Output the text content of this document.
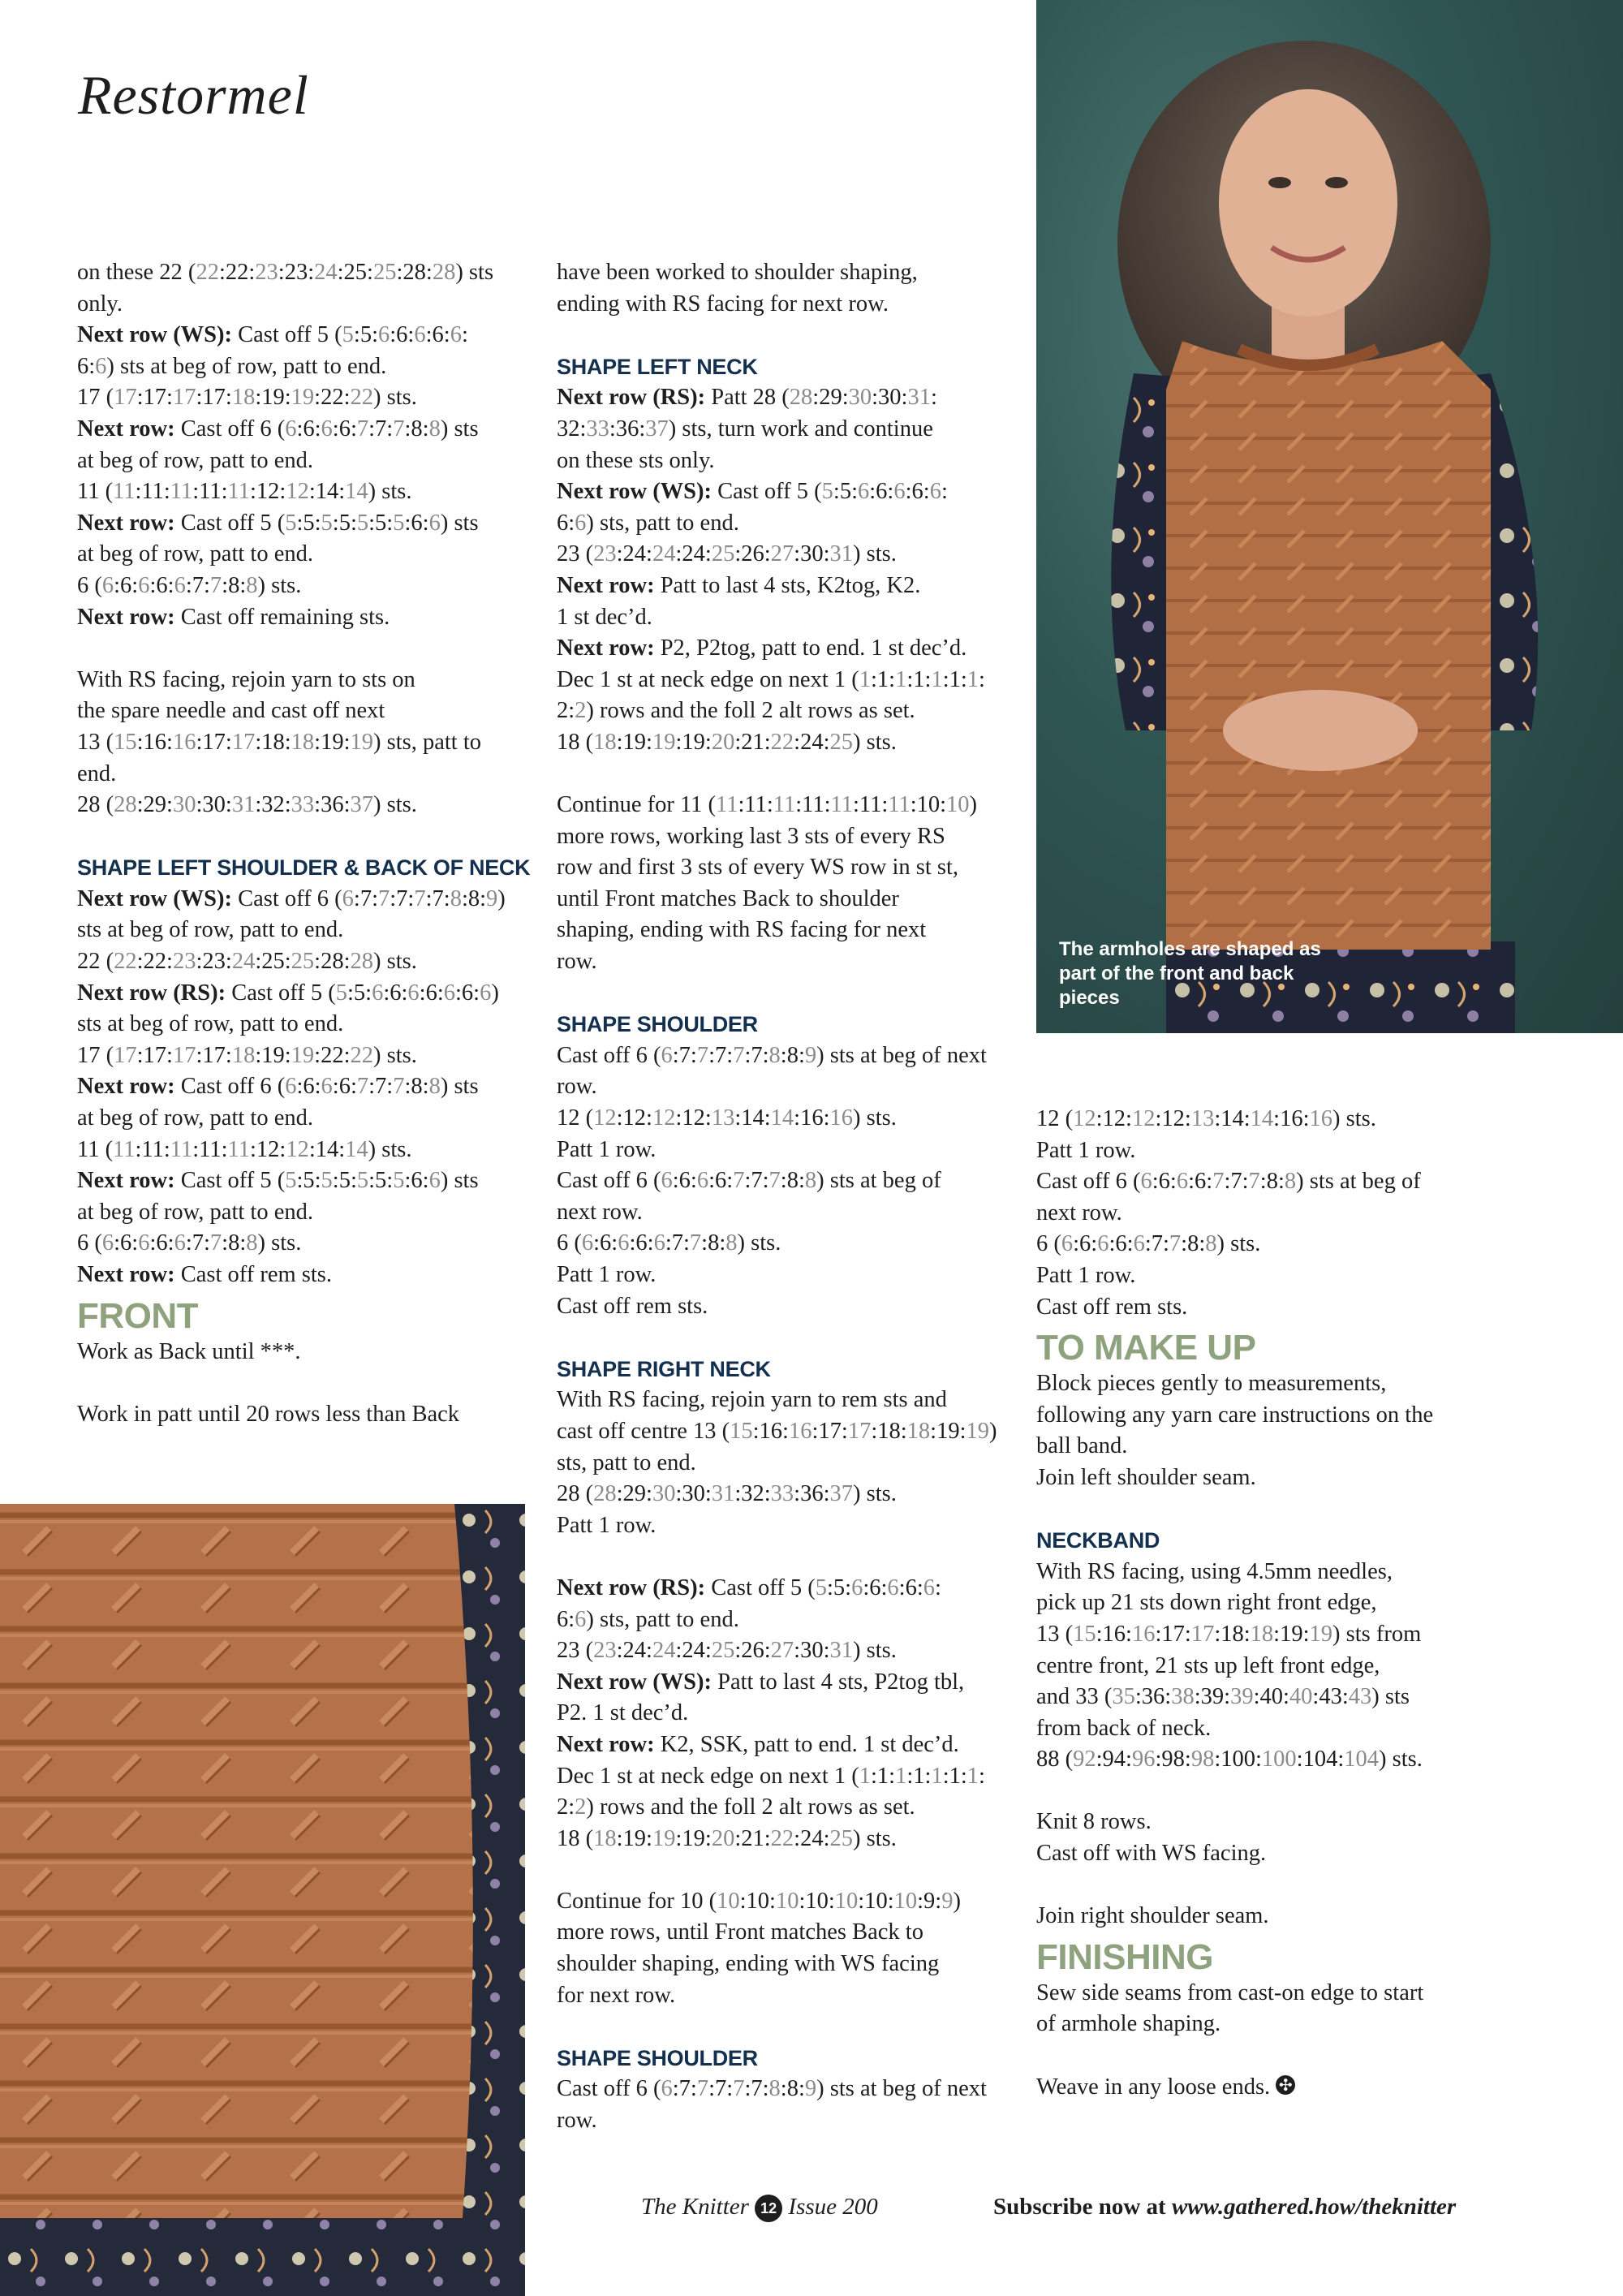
Restormel
The armholes are shaped as part of the front and back pieces
on these 22 (22:22:23:23:24:25:25:28:28) sts
only.
Next row (WS): Cast off 5 (5:5:6:6:6:6:6:
6:6) sts at beg of row, patt to end.
17 (17:17:17:17:18:19:19:22:22) sts.
Next row: Cast off 6 (6:6:6:6:7:7:7:8:8) sts
at beg of row, patt to end.
11 (11:11:11:11:11:12:12:14:14) sts.
Next row: Cast off 5 (5:5:5:5:5:5:5:6:6) sts
at beg of row, patt to end.
6 (6:6:6:6:6:7:7:8:8) sts.
Next row: Cast off remaining sts.
With RS facing, rejoin yarn to sts on
the spare needle and cast off next
13 (15:16:16:17:17:18:18:19:19) sts, patt to
end.
28 (28:29:30:30:31:32:33:36:37) sts.
SHAPE LEFT SHOULDER & BACK OF NECK
Next row (WS): Cast off 6 (6:7:7:7:7:7:8:8:9)
sts at beg of row, patt to end.
22 (22:22:23:23:24:25:25:28:28) sts.
Next row (RS): Cast off 5 (5:5:6:6:6:6:6:6:6)
sts at beg of row, patt to end.
17 (17:17:17:17:18:19:19:22:22) sts.
Next row: Cast off 6 (6:6:6:6:7:7:7:8:8) sts
at beg of row, patt to end.
11 (11:11:11:11:11:12:12:14:14) sts.
Next row: Cast off 5 (5:5:5:5:5:5:5:6:6) sts
at beg of row, patt to end.
6 (6:6:6:6:6:7:7:8:8) sts.
Next row: Cast off rem sts.
FRONT
Work as Back until ***.
Work in patt until 20 rows less than Back
have been worked to shoulder shaping,
ending with RS facing for next row.
SHAPE LEFT NECK
Next row (RS): Patt 28 (28:29:30:30:31:
32:33:36:37) sts, turn work and continue
on these sts only.
Next row (WS): Cast off 5 (5:5:6:6:6:6:6:
6:6) sts, patt to end.
23 (23:24:24:24:25:26:27:30:31) sts.
Next row: Patt to last 4 sts, K2tog, K2.
1 st dec’d.
Next row: P2, P2tog, patt to end. 1 st dec’d.
Dec 1 st at neck edge on next 1 (1:1:1:1:1:1:1:
2:2) rows and the foll 2 alt rows as set.
18 (18:19:19:19:20:21:22:24:25) sts.
Continue for 11 (11:11:11:11:11:11:11:10:10)
more rows, working last 3 sts of every RS
row and first 3 sts of every WS row in st st,
until Front matches Back to shoulder
shaping, ending with RS facing for next
row.
SHAPE SHOULDER
Cast off 6 (6:7:7:7:7:7:8:8:9) sts at beg of next
row.
12 (12:12:12:12:13:14:14:16:16) sts.
Patt 1 row.
Cast off 6 (6:6:6:6:7:7:7:8:8) sts at beg of
next row.
6 (6:6:6:6:6:7:7:8:8) sts.
Patt 1 row.
Cast off rem sts.
SHAPE RIGHT NECK
With RS facing, rejoin yarn to rem sts and
cast off centre 13 (15:16:16:17:17:18:18:19:19)
sts, patt to end.
28 (28:29:30:30:31:32:33:36:37) sts.
Patt 1 row.
Next row (RS): Cast off 5 (5:5:6:6:6:6:6:
6:6) sts, patt to end.
23 (23:24:24:24:25:26:27:30:31) sts.
Next row (WS): Patt to last 4 sts, P2tog tbl,
P2. 1 st dec’d.
Next row: K2, SSK, patt to end. 1 st dec’d.
Dec 1 st at neck edge on next 1 (1:1:1:1:1:1:1:
2:2) rows and the foll 2 alt rows as set.
18 (18:19:19:19:20:21:22:24:25) sts.
Continue for 10 (10:10:10:10:10:10:10:9:9)
more rows, until Front matches Back to
shoulder shaping, ending with WS facing
for next row.
SHAPE SHOULDER
Cast off 6 (6:7:7:7:7:7:8:8:9) sts at beg of next
row.
12 (12:12:12:12:13:14:14:16:16) sts.
Patt 1 row.
Cast off 6 (6:6:6:6:7:7:7:8:8) sts at beg of
next row.
6 (6:6:6:6:6:7:7:8:8) sts.
Patt 1 row.
Cast off rem sts.
TO MAKE UP
Block pieces gently to measurements,
following any yarn care instructions on the
ball band.
Join left shoulder seam.
NECKBAND
With RS facing, using 4.5mm needles,
pick up 21 sts down right front edge,
13 (15:16:16:17:17:18:18:19:19) sts from
centre front, 21 sts up left front edge,
and 33 (35:36:38:39:39:40:40:43:43) sts
from back of neck.
88 (92:94:96:98:98:100:100:104:104) sts.
Knit 8 rows.
Cast off with WS facing.
Join right shoulder seam.
FINISHING
Sew side seams from cast-on edge to start
of armhole shaping.
Weave in any loose ends. ✣
The Knitter 12 Issue 200	Subscribe now at www.gathered.how/theknitter
